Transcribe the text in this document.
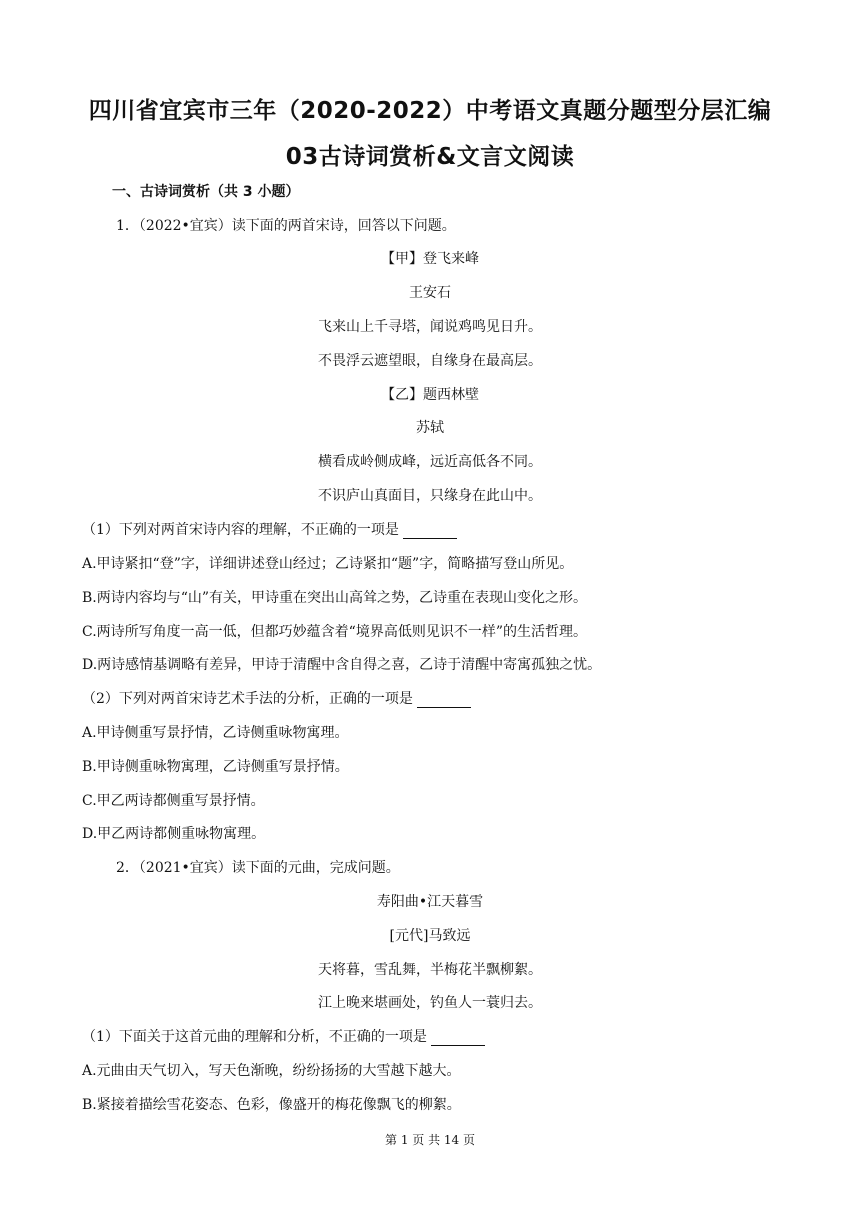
四川省宜宾市三年（2020-2022）中考语文真题分题型分层汇编
03古诗词赏析&文言文阅读
一、古诗词赏析（共 3 小题）
1．（2022•宜宾）读下面的两首宋诗，回答以下问题。
【甲】登飞来峰
王安石
飞来山上千寻塔，闻说鸡鸣见日升。
不畏浮云遮望眼，自缘身在最高层。
【乙】题西林壁
苏轼
横看成岭侧成峰，远近高低各不同。
不识庐山真面目，只缘身在此山中。
（1）下列对两首宋诗内容的理解，不正确的一项是
A.甲诗紧扣“登”字，详细讲述登山经过；乙诗紧扣“题”字，简略描写登山所见。
B.两诗内容均与“山”有关，甲诗重在突出山高耸之势，乙诗重在表现山变化之形。
C.两诗所写角度一高一低，但都巧妙蕴含着“境界高低则见识不一样”的生活哲理。
D.两诗感情基调略有差异，甲诗于清醒中含自得之喜，乙诗于清醒中寄寓孤独之忧。
（2）下列对两首宋诗艺术手法的分析，正确的一项是
A.甲诗侧重写景抒情，乙诗侧重咏物寓理。
B.甲诗侧重咏物寓理，乙诗侧重写景抒情。
C.甲乙两诗都侧重写景抒情。
D.甲乙两诗都侧重咏物寓理。
2．（2021•宜宾）读下面的元曲，完成问题。
寿阳曲•江天暮雪
[元代]马致远
天将暮，雪乱舞，半梅花半飘柳絮。
江上晚来堪画处，钓鱼人一蓑归去。
（1）下面关于这首元曲的理解和分析，不正确的一项是
A.元曲由天气切入，写天色渐晚，纷纷扬扬的大雪越下越大。
B.紧接着描绘雪花姿态、色彩，像盛开的梅花像飘飞的柳絮。
第 1 页 共 14 页
